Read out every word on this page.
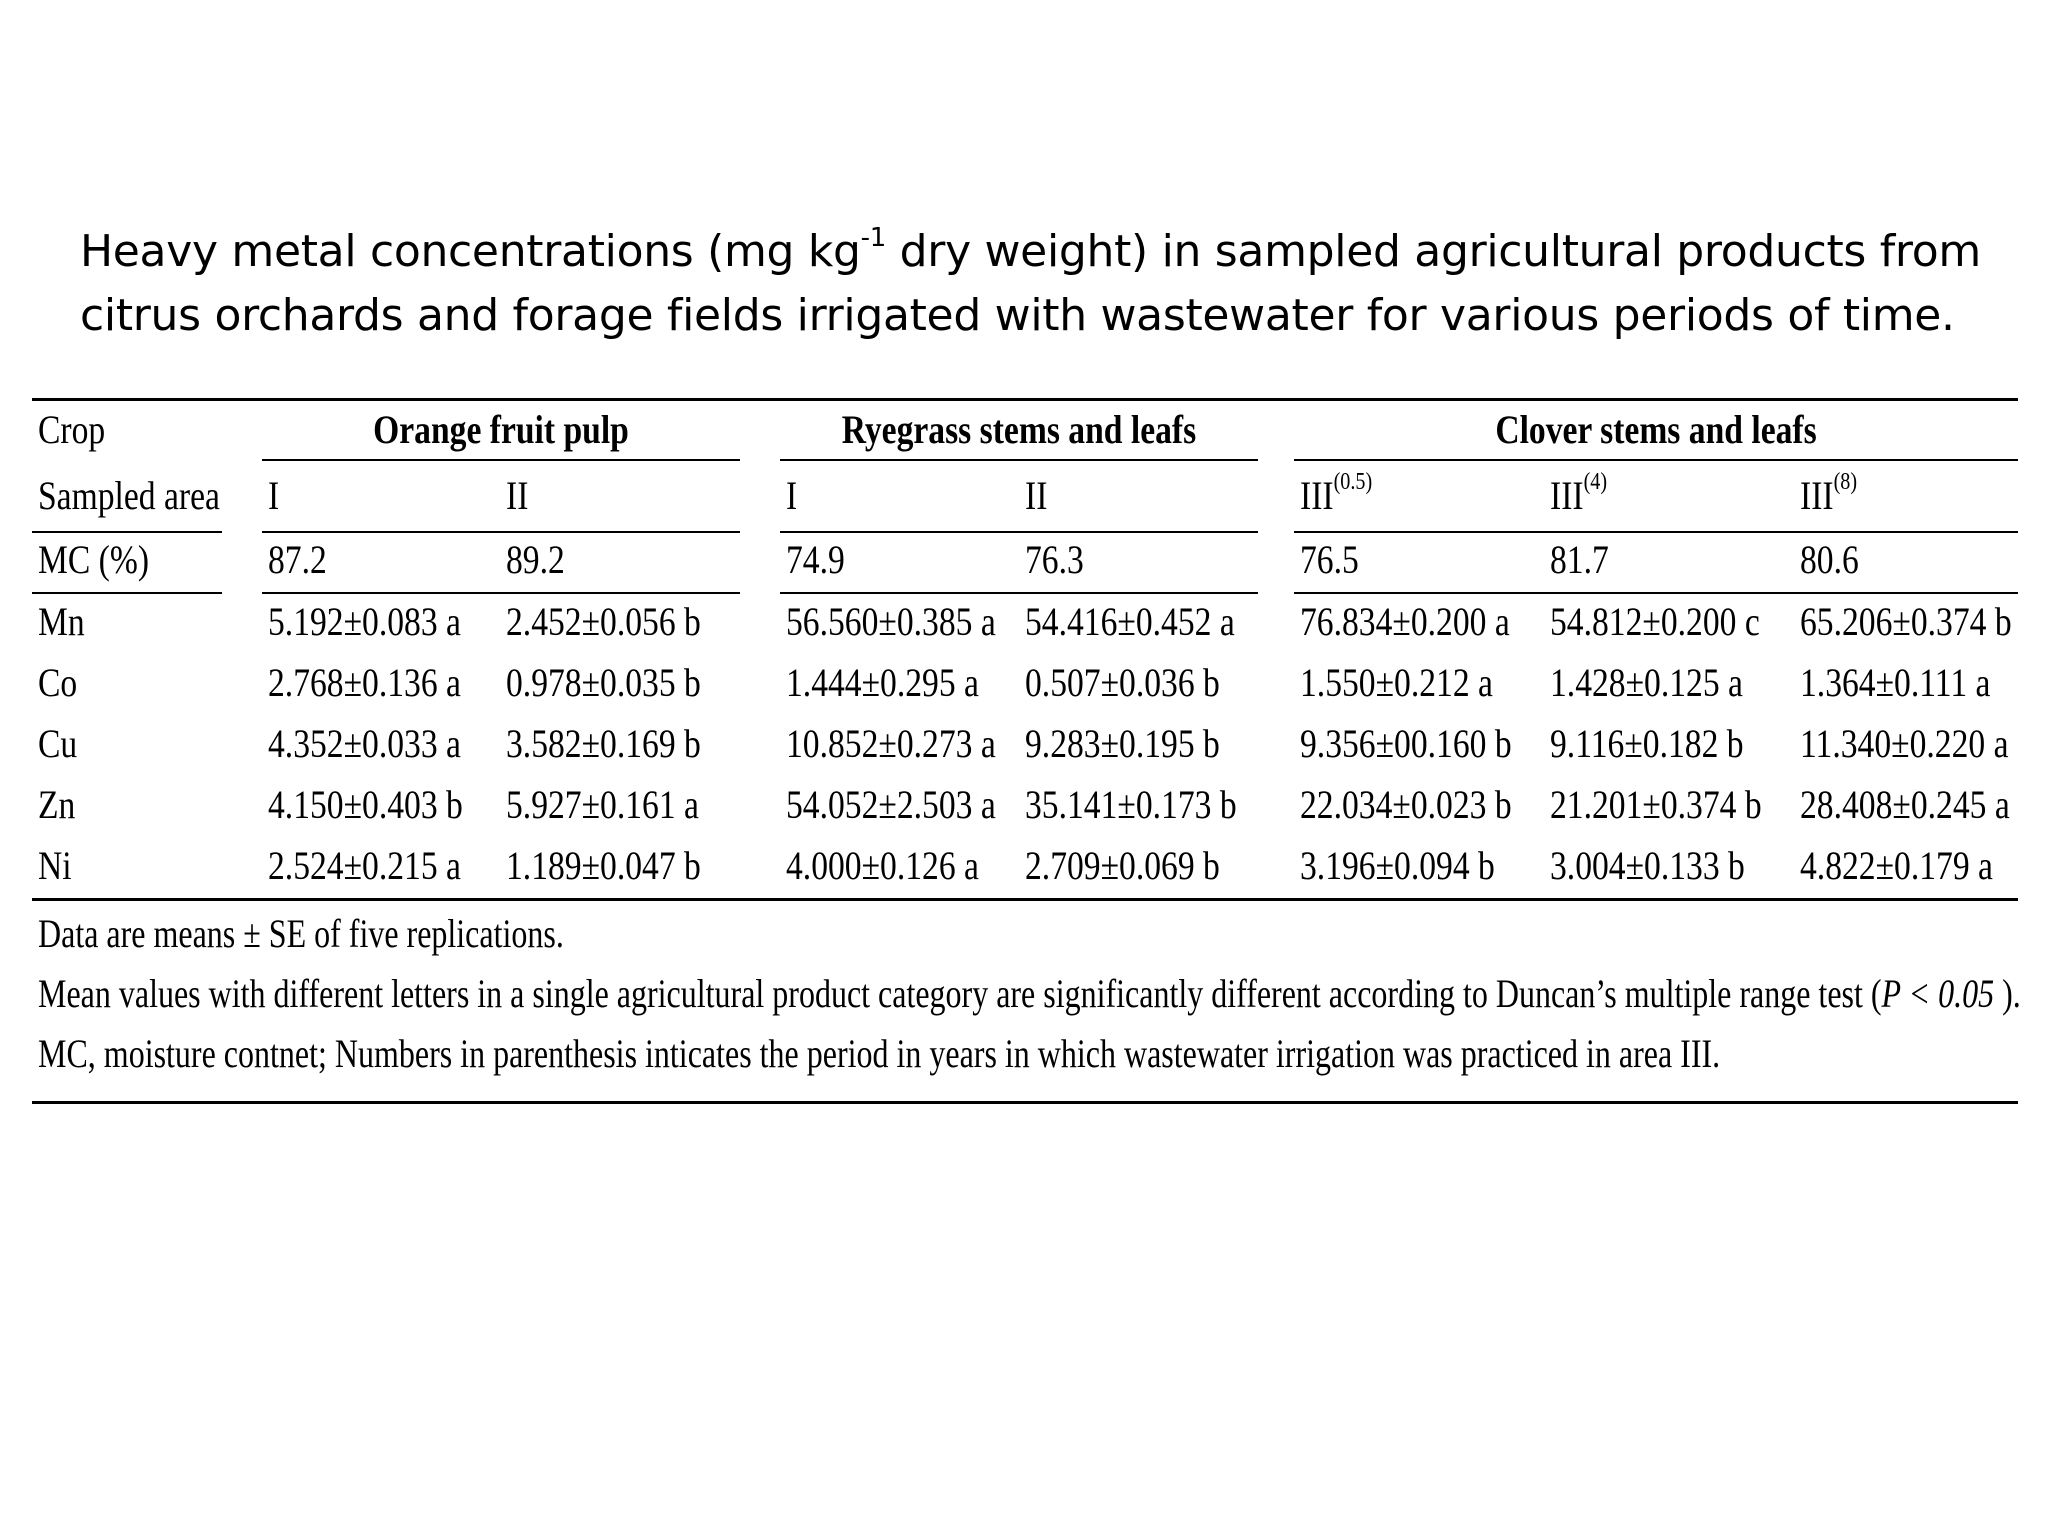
Heavy metal concentrations (mg $kg^{-1}$ dry weight) in sampled agricultural products from citrus orchards and forage fields irrigated with wastewater for various periods of time.
Crop	Orange fruit pulp	Ryegrass stems and leafs	Clover stems and leafs
Sampled area I	II	I	II	$III^{(0.5)}$	III$^{(4)}$	III$^{(8)}$
MC (%)	87.2	89.2	74.9	76.3	76.5	81.7	80.6
Mn	5.192±0.083 a 2.452±0.056 b 56.560±0.385 a 54.416±0.452 a 76.834±0.200 a 54.812±0.200 c 65.206±0.374 b
Co	2.768±0.136 a 0.978±0.035 b 1.444±0.295 a 0.507±0.036 b 1.550±0.212 a 1.428±0.125 a 1.364±0.111 a
Cu	4.352±0.033 a 3.582±0.169 b 10.852±0.273 a 9.283±0.195 b 9.356±00.160 b 9.116±0.182 b 11.340±0.220 a
Zn	4.150±0.403 b 5.927±0.161 a 54.052±2.503 a 35.141±0.173 b 22.034±0.023 b 21.201±0.374 b 28.408±0.245 a
Ni	2.524±0.215 a 1.189±0.047 b 4.000±0.126 a 2.709±0.069 b 3.196±0.094 b 3.004±0.133 b 4.822±0.179 a
Data are means ± SE of five replications.
Mean values with different letters in a single agricultural product category are significantly different according to Duncan’s multiple range test (P < 0.05 ).
MC, moisture contnet; Numbers in parenthesis inticates the period in years in which wastewater irrigation was practiced in area III.
